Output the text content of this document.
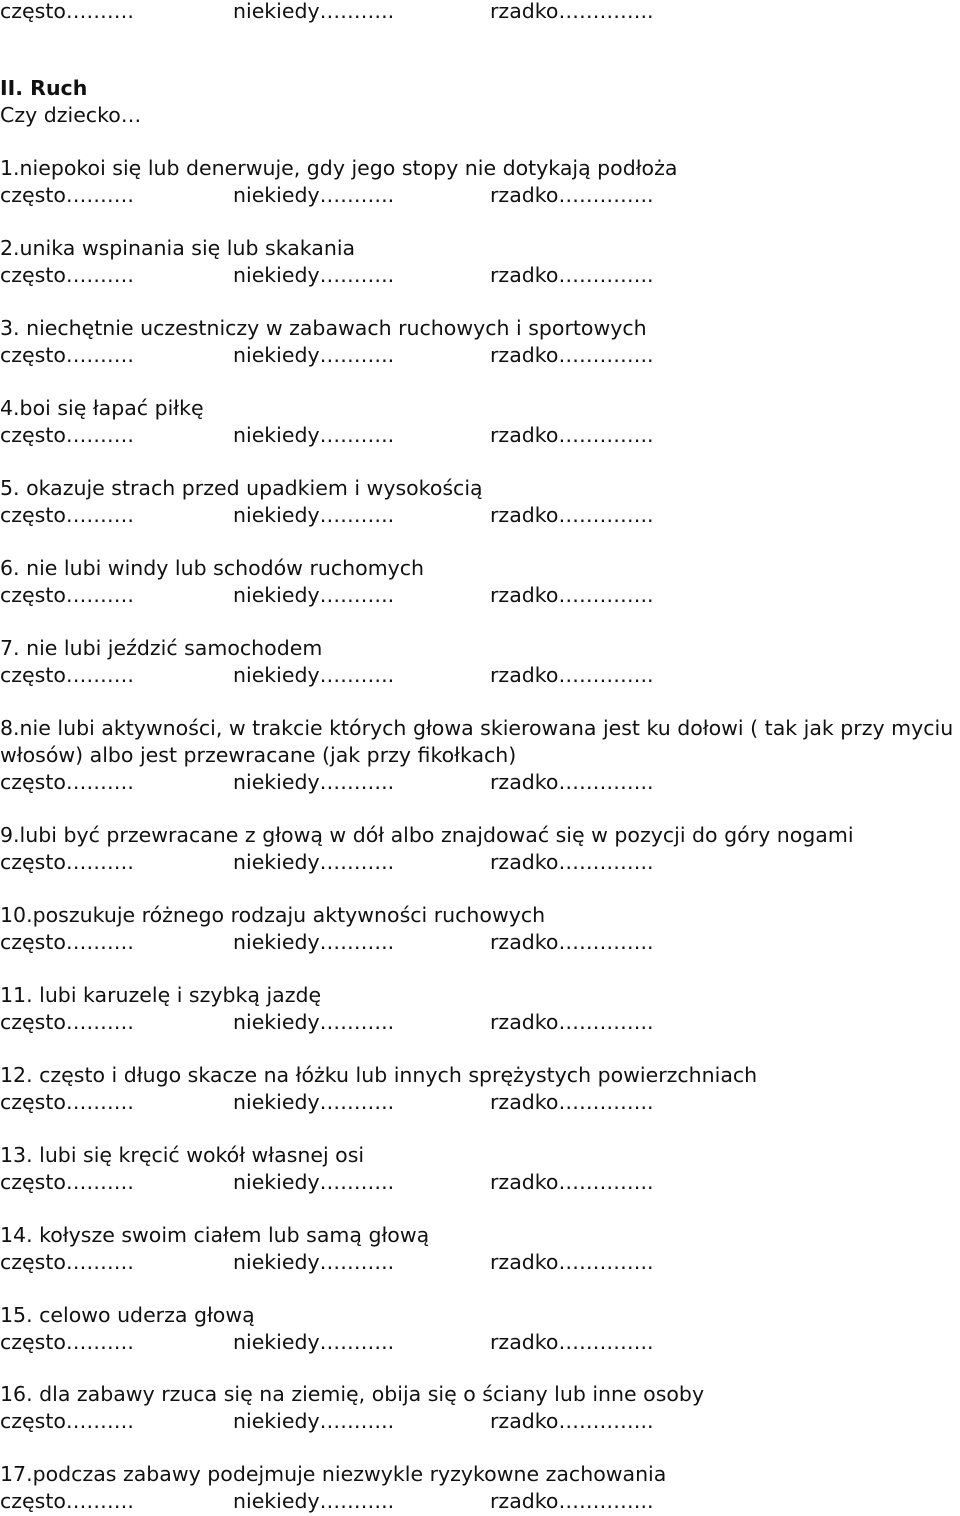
często……….	niekiedy………..	rzadko…………..
II. Ruch
Czy dziecko…
1.niepokoi się lub denerwuje, gdy jego stopy nie dotykają podłoża
często……….	niekiedy………..	rzadko…………..
2.unika wspinania się lub skakania
często……….	niekiedy………..	rzadko…………..
3. niechętnie uczestniczy w zabawach ruchowych i sportowych
często……….	niekiedy………..	rzadko…………..
4.boi się łapać piłkę
często……….	niekiedy………..	rzadko…………..
5. okazuje strach przed upadkiem i wysokością
często……….	niekiedy………..	rzadko…………..
6. nie lubi windy lub schodów ruchomych
często……….	niekiedy………..	rzadko…………..
7. nie lubi jeździć samochodem
często……….	niekiedy………..	rzadko…………..
8.nie lubi aktywności, w trakcie których głowa skierowana jest ku dołowi ( tak jak przy myciu włosów) albo jest przewracane (jak przy fikołkach)
często……….	niekiedy………..	rzadko…………..
9.lubi być przewracane z głową w dół albo znajdować się w pozycji do góry nogami
często……….	niekiedy………..	rzadko…………..
10.poszukuje różnego rodzaju aktywności ruchowych
często……….	niekiedy………..	rzadko…………..
11. lubi karuzelę i szybką jazdę
często……….	niekiedy………..	rzadko…………..
12. często i długo skacze na łóżku lub innych sprężystych powierzchniach
często……….	niekiedy………..	rzadko…………..
13. lubi się kręcić wokół własnej osi
często……….	niekiedy………..	rzadko…………..
14. kołysze swoim ciałem lub samą głową
często……….	niekiedy………..	rzadko…………..
15. celowo uderza głową
często……….	niekiedy………..	rzadko…………..
16. dla zabawy rzuca się na ziemię, obija się o ściany lub inne osoby
często……….	niekiedy………..	rzadko…………..
17.podczas zabawy podejmuje niezwykle ryzykowne zachowania
często……….	niekiedy………..	rzadko…………..
